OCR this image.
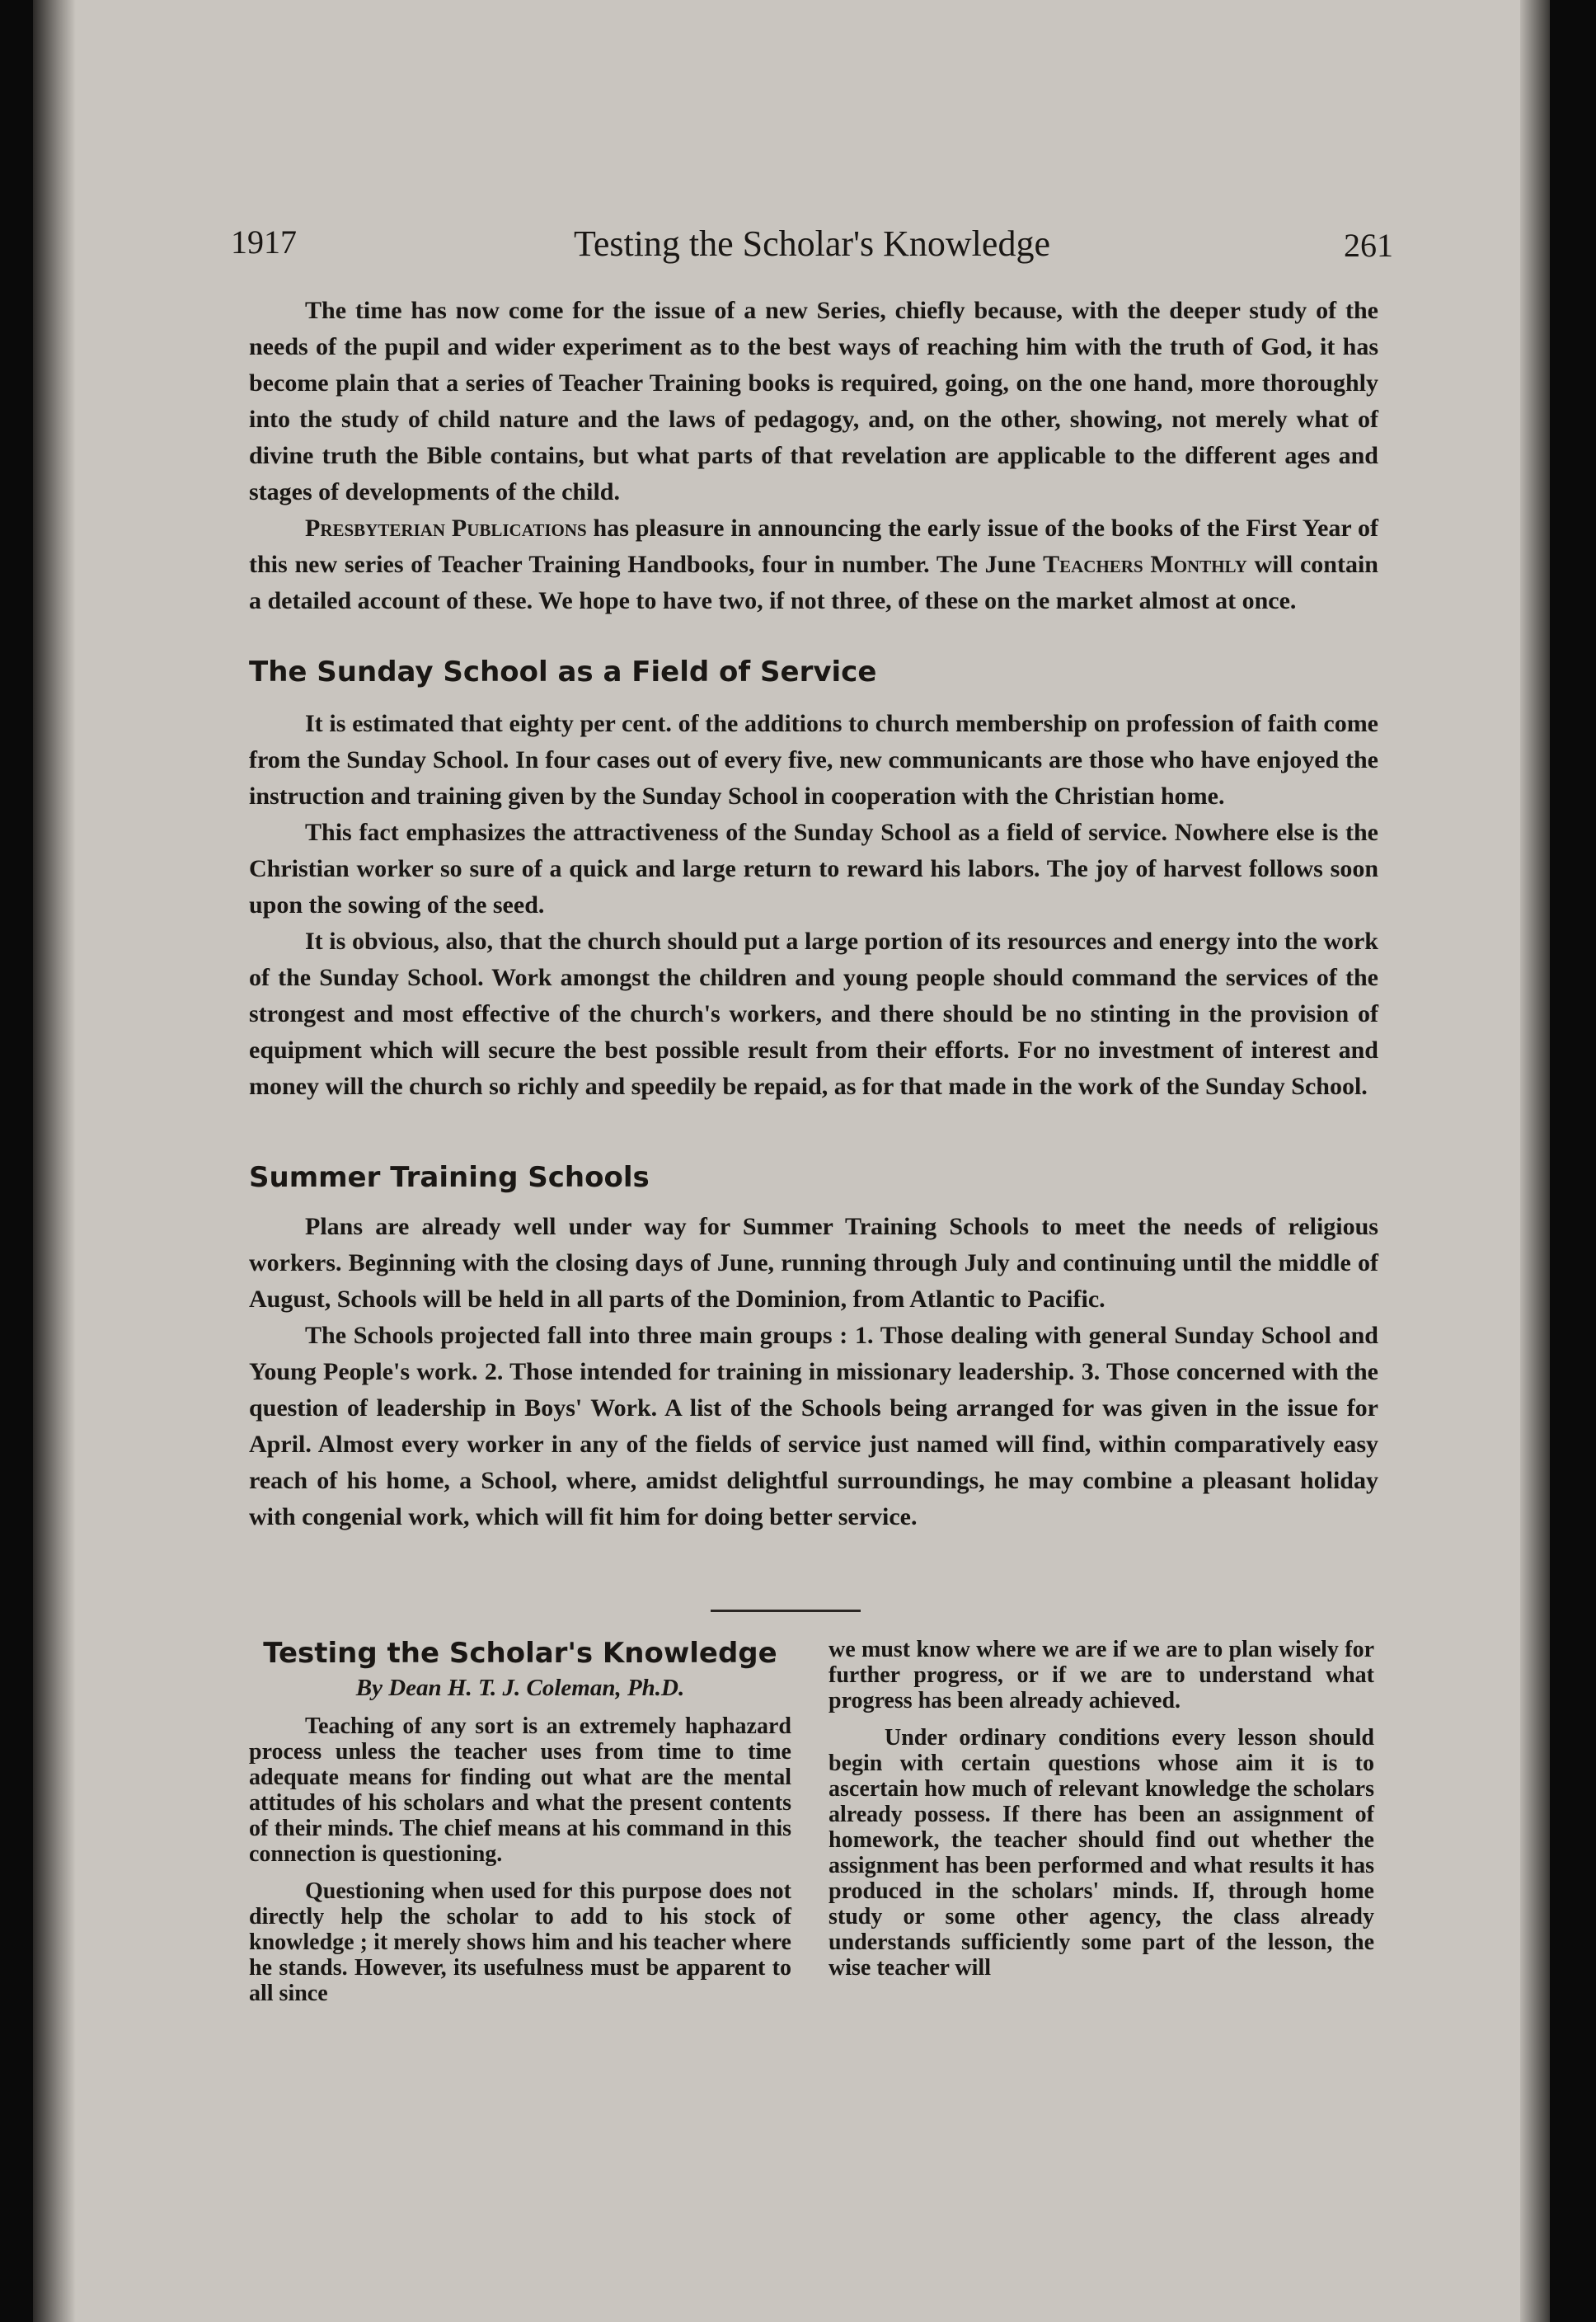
1917	Testing the Scholar's Knowledge	261

The time has now come for the issue of a new Series, chiefly because, with the deeper study of the needs of the pupil and wider experiment as to the best ways of reaching him with the truth of God, it has become plain that a series of Teacher Training books is required, going, on the one hand, more thoroughly into the study of child nature and the laws of pedagogy, and, on the other, showing, not merely what of divine truth the Bible contains, but what parts of that revelation are applicable to the different ages and stages of developments of the child.

Presbyterian Publications has pleasure in announcing the early issue of the books of the First Year of this new series of Teacher Training Handbooks, four in number. The June Teachers Monthly will contain a detailed account of these. We hope to have two, if not three, of these on the market almost at once.

The Sunday School as a Field of Service

It is estimated that eighty per cent. of the additions to church membership on profession of faith come from the Sunday School. In four cases out of every five, new communicants are those who have enjoyed the instruction and training given by the Sunday School in cooperation with the Christian home.

This fact emphasizes the attractiveness of the Sunday School as a field of service. Nowhere else is the Christian worker so sure of a quick and large return to reward his labors. The joy of harvest follows soon upon the sowing of the seed.

It is obvious, also, that the church should put a large portion of its resources and energy into the work of the Sunday School. Work amongst the children and young people should command the services of the strongest and most effective of the church's workers, and there should be no stinting in the provision of equipment which will secure the best possible result from their efforts. For no investment of interest and money will the church so richly and speedily be repaid, as for that made in the work of the Sunday School.

Summer Training Schools

Plans are already well under way for Summer Training Schools to meet the needs of religious workers. Beginning with the closing days of June, running through July and continuing until the middle of August, Schools will be held in all parts of the Dominion, from Atlantic to Pacific.

The Schools projected fall into three main groups : 1. Those dealing with general Sunday School and Young People's work. 2. Those intended for training in missionary leadership. 3. Those concerned with the question of leadership in Boys' Work. A list of the Schools being arranged for was given in the issue for April. Almost every worker in any of the fields of service just named will find, within comparatively easy reach of his home, a School, where, amidst delightful surroundings, he may combine a pleasant holiday with congenial work, which will fit him for doing better service.

Testing the Scholar's Knowledge
By Dean H. T. J. Coleman, Ph.D.

Teaching of any sort is an extremely haphazard process unless the teacher uses from time to time adequate means for finding out what are the mental attitudes of his scholars and what the present contents of their minds. The chief means at his command in this connection is questioning.

Questioning when used for this purpose does not directly help the scholar to add to his stock of knowledge ; it merely shows him and his teacher where he stands. However, its usefulness must be apparent to all since

we must know where we are if we are to plan wisely for further progress, or if we are to understand what progress has been already achieved.

Under ordinary conditions every lesson should begin with certain questions whose aim it is to ascertain how much of relevant knowledge the scholars already possess. If there has been an assignment of homework, the teacher should find out whether the assignment has been performed and what results it has produced in the scholars' minds. If, through home study or some other agency, the class already understands sufficiently some part of the lesson, the wise teacher will
